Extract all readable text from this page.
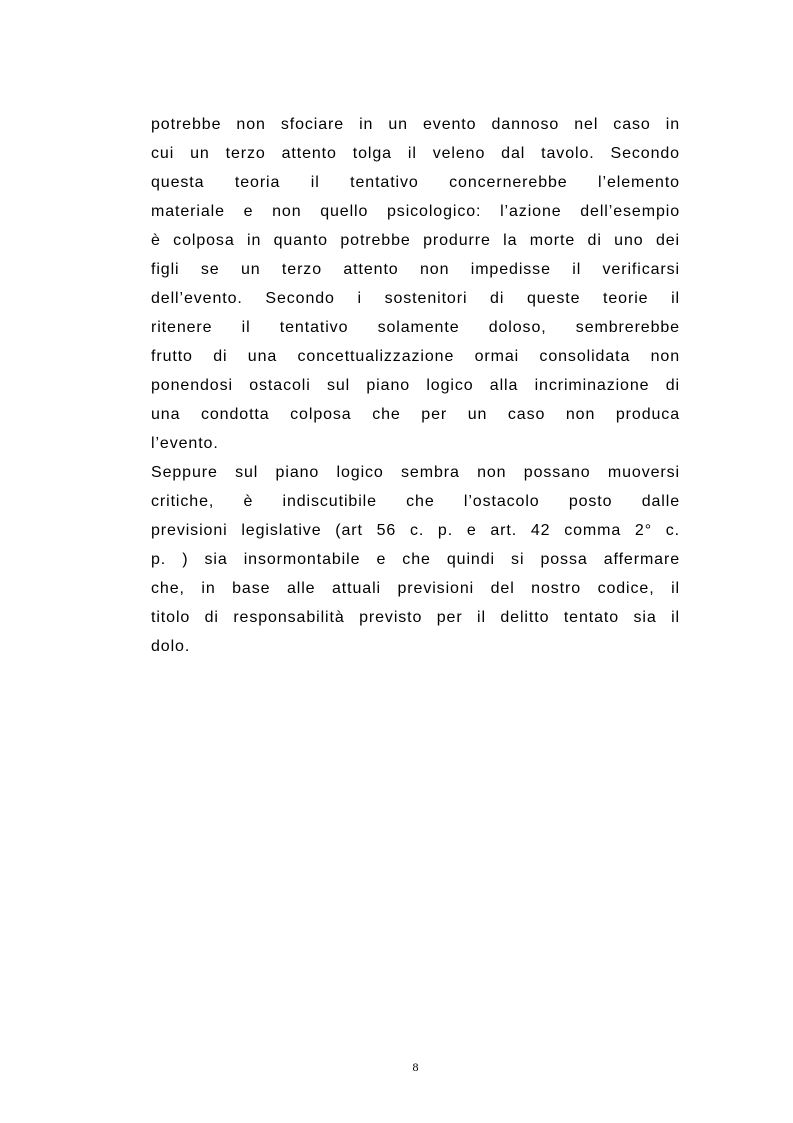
potrebbe non sfociare in un evento dannoso nel caso in
cui un terzo attento tolga il veleno dal tavolo. Secondo
questa teoria il tentativo concernerebbe l’elemento
materiale e non quello psicologico: l’azione dell’esempio
è colposa in quanto potrebbe produrre la morte di uno dei
figli se un terzo attento non impedisse il verificarsi
dell’evento. Secondo i sostenitori di queste teorie il
ritenere il tentativo solamente doloso, sembrerebbe
frutto di una concettualizzazione ormai consolidata non
ponendosi ostacoli sul piano logico alla incriminazione di
una condotta colposa che per un caso non produca
l’evento.
Seppure sul piano logico sembra non possano muoversi
critiche, è indiscutibile che l’ostacolo posto dalle
previsioni legislative (art 56 c. p. e art. 42 comma 2° c.
p. ) sia insormontabile e che quindi si possa affermare
che, in base alle attuali previsioni del nostro codice, il
titolo di responsabilità previsto per il delitto tentato sia il
dolo.
8
